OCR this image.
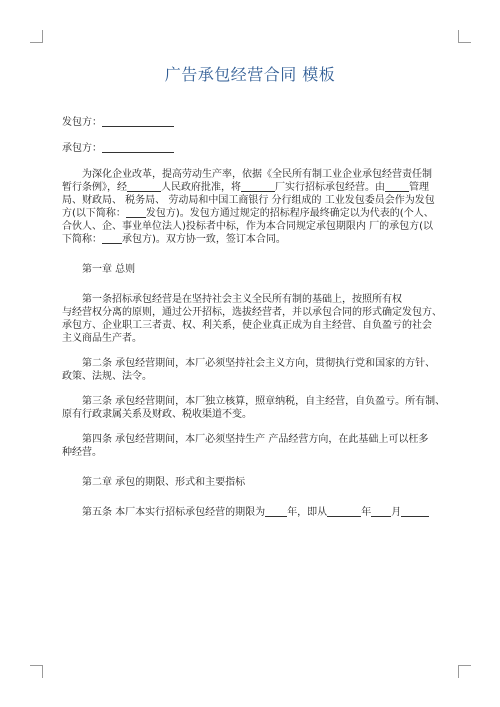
广告承包经营合同 模板
发包方：
承包方：
为深化企业改革，提高劳动生产率，依据《全民所有制工业企业承包经营责任制
暂行条例》，经	人民政府批准，将	厂实行招标承包经营。由 管理
局、财政局、 税务局、 劳动局和中国工商银行 分行组成的 工业发包委员会作为发包
方(以下简称： 发包方)。发包方通过规定的招标程序最终确定以为代表的(个人、
合伙人、企、事业单位法人)投标者中标，作为本合同规定承包期限内 厂的承包方(以
下简称： 承包方)。双方协一致，签订本合同。
第一章 总则
第一条招标承包经营是在坚持社会主义全民所有制的基础上，按照所有权
与经营权分离的原则，通过公开招标，选拔经营者，并以承包合同的形式确定发包方、
承包方、企业职工三者责、权、利关系，使企业真正成为自主经营、自负盈亏的社会
主义商品生产者。
第二条 承包经营期间，本厂必须坚持社会主义方向，贯彻执行党和国家的方针、
政策、法规、法令。
第三条 承包经营期间，本厂独立核算，照章纳税，自主经营，自负盈亏。所有制、
原有行政隶属关系及财政、税收渠道不变。
第四条 承包经营期间，本厂必须坚持生产 产品经营方向，在此基础上可以枉多
种经营。
第二章 承包的期限、形式和主要指标
第五条 本厂本实行招标承包经营的期限为 年，即从	年 月
